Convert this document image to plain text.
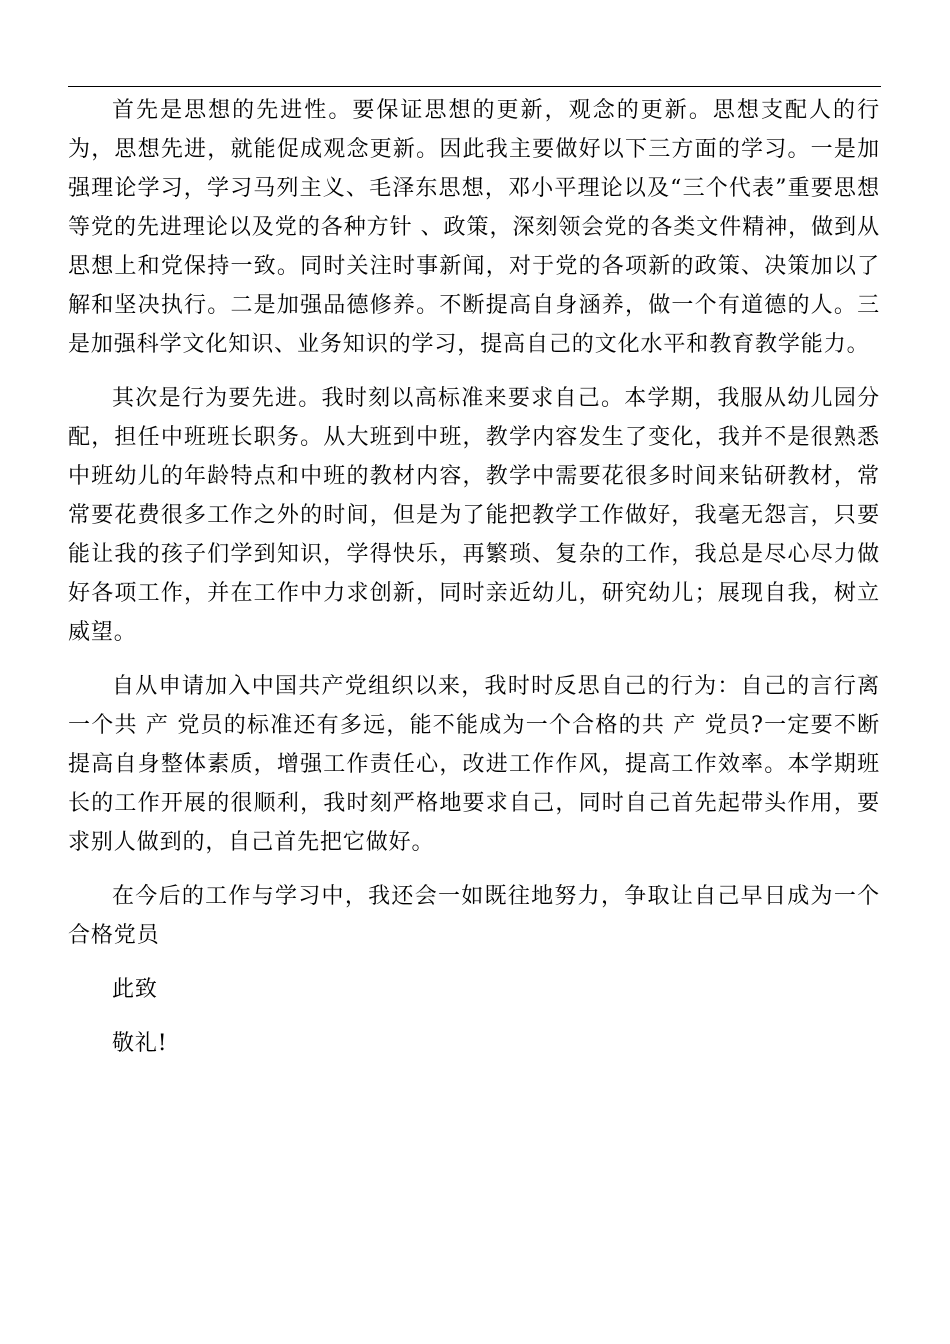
首先是思想的先进性。要保证思想的更新，观念的更新。思想支配人的行为，思想先进，就能促成观念更新。因此我主要做好以下三方面的学习。一是加强理论学习，学习马列主义、毛泽东思想，邓小平理论以及“三个代表”重要思想等党的先进理论以及党的各种方针 、政策，深刻领会党的各类文件精神，做到从思想上和党保持一致。同时关注时事新闻，对于党的各项新的政策、决策加以了解和坚决执行。二是加强品德修养。不断提高自身涵养，做一个有道德的人。三是加强科学文化知识、业务知识的学习，提高自己的文化水平和教育教学能力。

其次是行为要先进。我时刻以高标准来要求自己。本学期，我服从幼儿园分配，担任中班班长职务。从大班到中班，教学内容发生了变化，我并不是很熟悉中班幼儿的年龄特点和中班的教材内容，教学中需要花很多时间来钻研教材，常常要花费很多工作之外的时间，但是为了能把教学工作做好，我毫无怨言，只要能让我的孩子们学到知识，学得快乐，再繁琐、复杂的工作，我总是尽心尽力做好各项工作，并在工作中力求创新，同时亲近幼儿，研究幼儿；展现自我，树立威望。

自从申请加入中国共产党组织以来，我时时反思自己的行为：自己的言行离一个共 产 党员的标准还有多远，能不能成为一个合格的共 产 党员?一定要不断提高自身整体素质，增强工作责任心，改进工作作风，提高工作效率。本学期班长的工作开展的很顺利，我时刻严格地要求自己，同时自己首先起带头作用，要求别人做到的，自己首先把它做好。

在今后的工作与学习中，我还会一如既往地努力，争取让自己早日成为一个合格党员

此致

敬礼!
